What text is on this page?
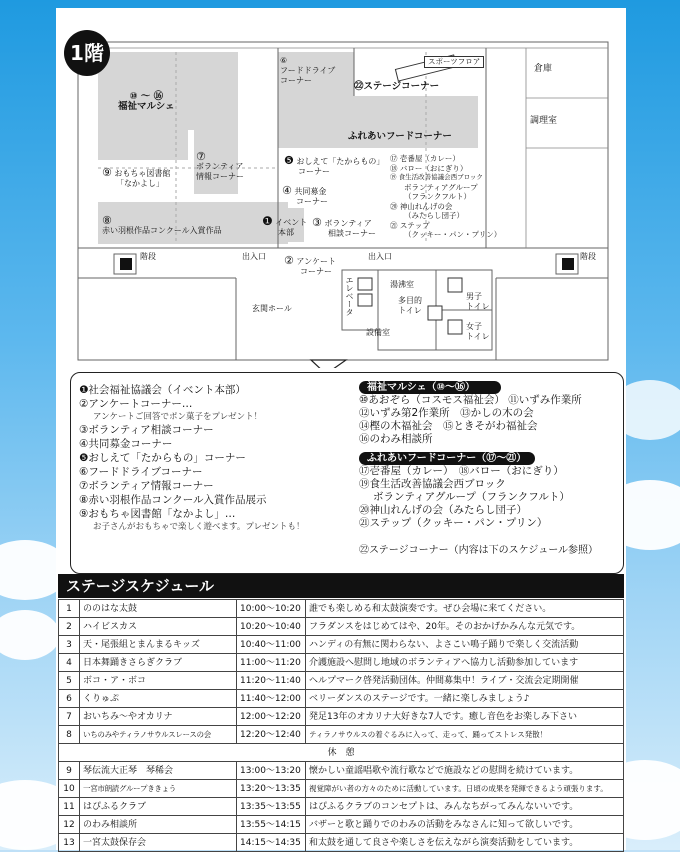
1階	スポーツフロア
倉庫
調理室
㉒ステージコーナー
⑩ 〜 ⑯
福祉マルシェ
⑥
フードドライブ
コーナー
ふれあいフードコーナー
⑦
ボランティア
情報コーナー
⑨ おもちゃ図書館
「なかよし」
❺ おしえて「たからもの」
コーナー
④ 共同募金
コーナー
⑧
赤い羽根作品コンクール入賞作品
❶ イベント
本部
③ ボランティア
相談コーナー
② アンケート
コーナー
⑰ 壱番屋（カレー）
⑱ バロー（おにぎり）
⑲ 食生活改善協議会西ブロック
ボランティアグループ
（フランクフルト）
⑳ 神山れんげの会
（みたらし団子）
㉑ ステップ
（クッキー・パン・プリン）
階段	階段
出入口	出入口
湯沸室
エレベータ	多目的
トイレ
男子
トイレ
女子
トイレ
玄関ホール
設備室
❶社会福祉協議会（イベント本部）
②アンケートコーナー…
アンケートご回答でポン菓子をプレゼント！
③ボランティア相談コーナー
④共同募金コーナー
❺おしえて「たからもの」コーナー
⑥フードドライブコーナー
⑦ボランティア情報コーナー
⑧赤い羽根作品コンクール入賞作品展示
⑨おもちゃ図書館「なかよし」…
お子さんがおもちゃで楽しく遊べます。プレゼントも！
福祉マルシェ（⑩〜⑯）
⑩あおぞら（コスモス福祉会） ⑪いずみ作業所
⑫いずみ第2作業所　⑬かしの木の会
⑭樫の木福祉会　⑮ときそがわ福祉会
⑯のわみ相談所
ふれあいフードコーナー（⑰〜㉑）
⑰壱番屋（カレー）　⑱バロー（おにぎり）
⑲食生活改善協議会西ブロック
ボランティアグループ（フランクフルト）
⑳神山れんげの会（みたらし団子）
㉑ステップ（クッキー・パン・プリン）
㉒ステージコーナー（内容は下のスケジュール参照）
ステージスケジュール
1	ののはな太鼓	10:00〜10:20	誰でも楽しめる和太鼓演奏です。ぜひ会場に来てください。
2	ハイビスカス	10:20〜10:40	フラダンスをはじめてはや、20年。そのおかげかみんな元気です。
3	天・尾張組とまんまるキッズ	10:40〜11:00	ハンディの有無に関わらない、よさこい鳴子踊りで楽しく交流活動
4	日本舞踊きさらぎクラブ	11:00〜11:20	介護施設へ慰問し地域のボランティアへ協力し活動参加しています
5	ボコ・ア・ボコ	11:20〜11:40	ヘルプマーク啓発活動団体。仲間募集中！ライブ・交流会定期開催
6	くりゅぷ	11:40〜12:00	ベリーダンスのステージです。一緒に楽しみましょう♪
7	おいちみ〜やオカリナ	12:00〜12:20	発足13年のオカリナ大好きな7人です。癒し音色をお楽しみ下さい
8	いちのみやティラノサウルスレースの会	12:20〜12:40	ティラノサウルスの着ぐるみに入って、走って、踊ってストレス発散！
休　憩			
9	琴伝流大正琴　琴稀会	13:00〜13:20	懐かしい童謡唱歌や流行歌などで施設などの慰問を続けています。
10	一宮市朗読グループききょう	13:20〜13:35	視覚障がい者の方々のために活動しています。日頃の成果を発揮できるよう頑張ります。
11	はぴふるクラブ	13:35〜13:55	はぴふるクラブのコンセプトは、みんなちがってみんないいです。
12	のわみ相談所	13:55〜14:15	バザーと歌と踊りでのわみの活動をみなさんに知って欲しいです。
13	一宮太鼓保存会	14:15〜14:35	和太鼓を通して良さや楽しさを伝えながら演奏活動をしています。
